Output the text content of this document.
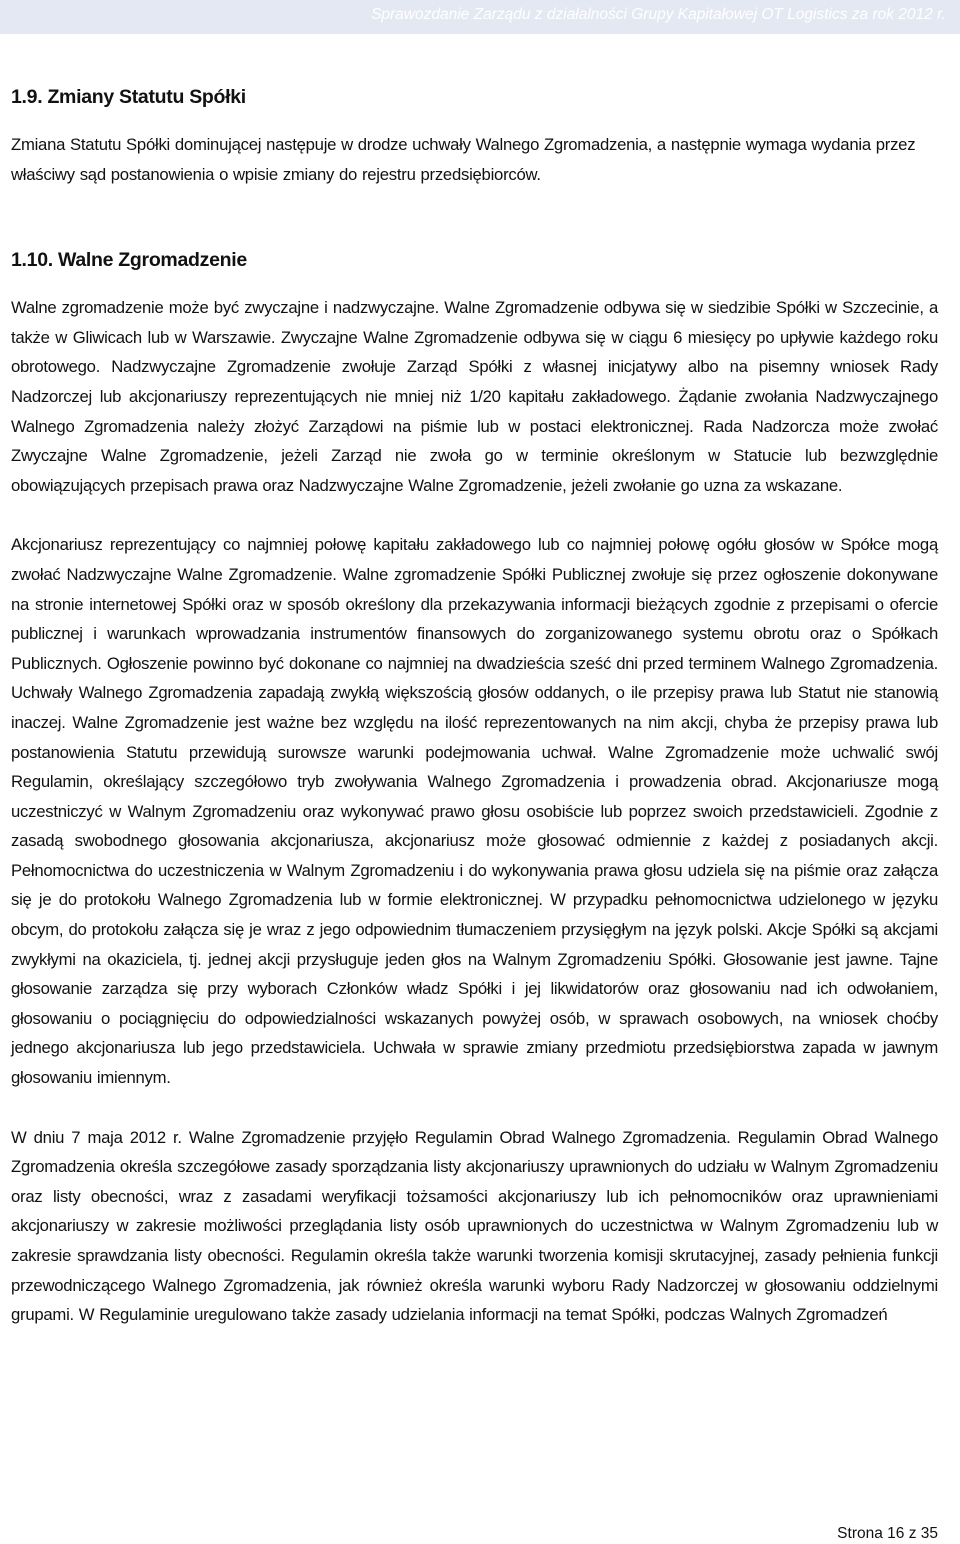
Sprawozdanie Zarządu z działalności Grupy Kapitałowej OT Logistics za rok 2012 r.
1.9. Zmiany Statutu Spółki

Zmiana Statutu Spółki dominującej następuje w drodze uchwały Walnego Zgromadzenia, a następnie wymaga wydania przez właściwy sąd postanowienia o wpisie zmiany do rejestru przedsiębiorców.

1.10. Walne Zgromadzenie

Walne zgromadzenie może być zwyczajne i nadzwyczajne. Walne Zgromadzenie odbywa się w siedzibie Spółki w Szczecinie, a także w Gliwicach lub w Warszawie. Zwyczajne Walne Zgromadzenie odbywa się w ciągu 6 miesięcy po upływie każdego roku obrotowego. Nadzwyczajne Zgromadzenie zwołuje Zarząd Spółki z własnej inicjatywy albo na pisemny wniosek Rady Nadzorczej lub akcjonariuszy reprezentujących nie mniej niż 1/20 kapitału zakładowego. Żądanie zwołania Nadzwyczajnego Walnego Zgromadzenia należy złożyć Zarządowi na piśmie lub w postaci elektronicznej. Rada Nadzorcza może zwołać Zwyczajne Walne Zgromadzenie, jeżeli Zarząd nie zwoła go w terminie określonym w Statucie lub bezwzględnie obowiązujących przepisach prawa oraz Nadzwyczajne Walne Zgromadzenie, jeżeli zwołanie go uzna za wskazane.

Akcjonariusz reprezentujący co najmniej połowę kapitału zakładowego lub co najmniej połowę ogółu głosów w Spółce mogą zwołać Nadzwyczajne Walne Zgromadzenie. Walne zgromadzenie Spółki Publicznej zwołuje się przez ogłoszenie dokonywane na stronie internetowej Spółki oraz w sposób określony dla przekazywania informacji bieżących zgodnie z przepisami o ofercie publicznej i warunkach wprowadzania instrumentów finansowych do zorganizowanego systemu obrotu oraz o Spółkach Publicznych. Ogłoszenie powinno być dokonane co najmniej na dwadzieścia sześć dni przed terminem Walnego Zgromadzenia. Uchwały Walnego Zgromadzenia zapadają zwykłą większością głosów oddanych, o ile przepisy prawa lub Statut nie stanowią inaczej. Walne Zgromadzenie jest ważne bez względu na ilość reprezentowanych na nim akcji, chyba że przepisy prawa lub postanowienia Statutu przewidują surowsze warunki podejmowania uchwał. Walne Zgromadzenie może uchwalić swój Regulamin, określający szczegółowo tryb zwoływania Walnego Zgromadzenia i prowadzenia obrad. Akcjonariusze mogą uczestniczyć w Walnym Zgromadzeniu oraz wykonywać prawo głosu osobiście lub poprzez swoich przedstawicieli. Zgodnie z zasadą swobodnego głosowania akcjonariusza, akcjonariusz może głosować odmiennie z każdej z posiadanych akcji. Pełnomocnictwa do uczestniczenia w Walnym Zgromadzeniu i do wykonywania prawa głosu udziela się na piśmie oraz załącza się je do protokołu Walnego Zgromadzenia lub w formie elektronicznej. W przypadku pełnomocnictwa udzielonego w języku obcym, do protokołu załącza się je wraz z jego odpowiednim tłumaczeniem przysięgłym na język polski. Akcje Spółki są akcjami zwykłymi na okaziciela, tj. jednej akcji przysługuje jeden głos na Walnym Zgromadzeniu Spółki. Głosowanie jest jawne. Tajne głosowanie zarządza się przy wyborach Członków władz Spółki i jej likwidatorów oraz głosowaniu nad ich odwołaniem, głosowaniu o pociągnięciu do odpowiedzialności wskazanych powyżej osób, w sprawach osobowych, na wniosek choćby jednego akcjonariusza lub jego przedstawiciela. Uchwała w sprawie zmiany przedmiotu przedsiębiorstwa zapada w jawnym głosowaniu imiennym.

W dniu 7 maja 2012 r. Walne Zgromadzenie przyjęło Regulamin Obrad Walnego Zgromadzenia. Regulamin Obrad Walnego Zgromadzenia określa szczegółowe zasady sporządzania listy akcjonariuszy uprawnionych do udziału w Walnym Zgromadzeniu oraz listy obecności, wraz z zasadami weryfikacji tożsamości akcjonariuszy lub ich pełnomocników oraz uprawnieniami akcjonariuszy w zakresie możliwości przeglądania listy osób uprawnionych do uczestnictwa w Walnym Zgromadzeniu lub w zakresie sprawdzania listy obecności. Regulamin określa także warunki tworzenia komisji skrutacyjnej, zasady pełnienia funkcji przewodniczącego Walnego Zgromadzenia, jak również określa warunki wyboru Rady Nadzorczej w głosowaniu oddzielnymi grupami. W Regulaminie uregulowano także zasady udzielania informacji na temat Spółki, podczas Walnych Zgromadzeń

Strona 16 z 35
